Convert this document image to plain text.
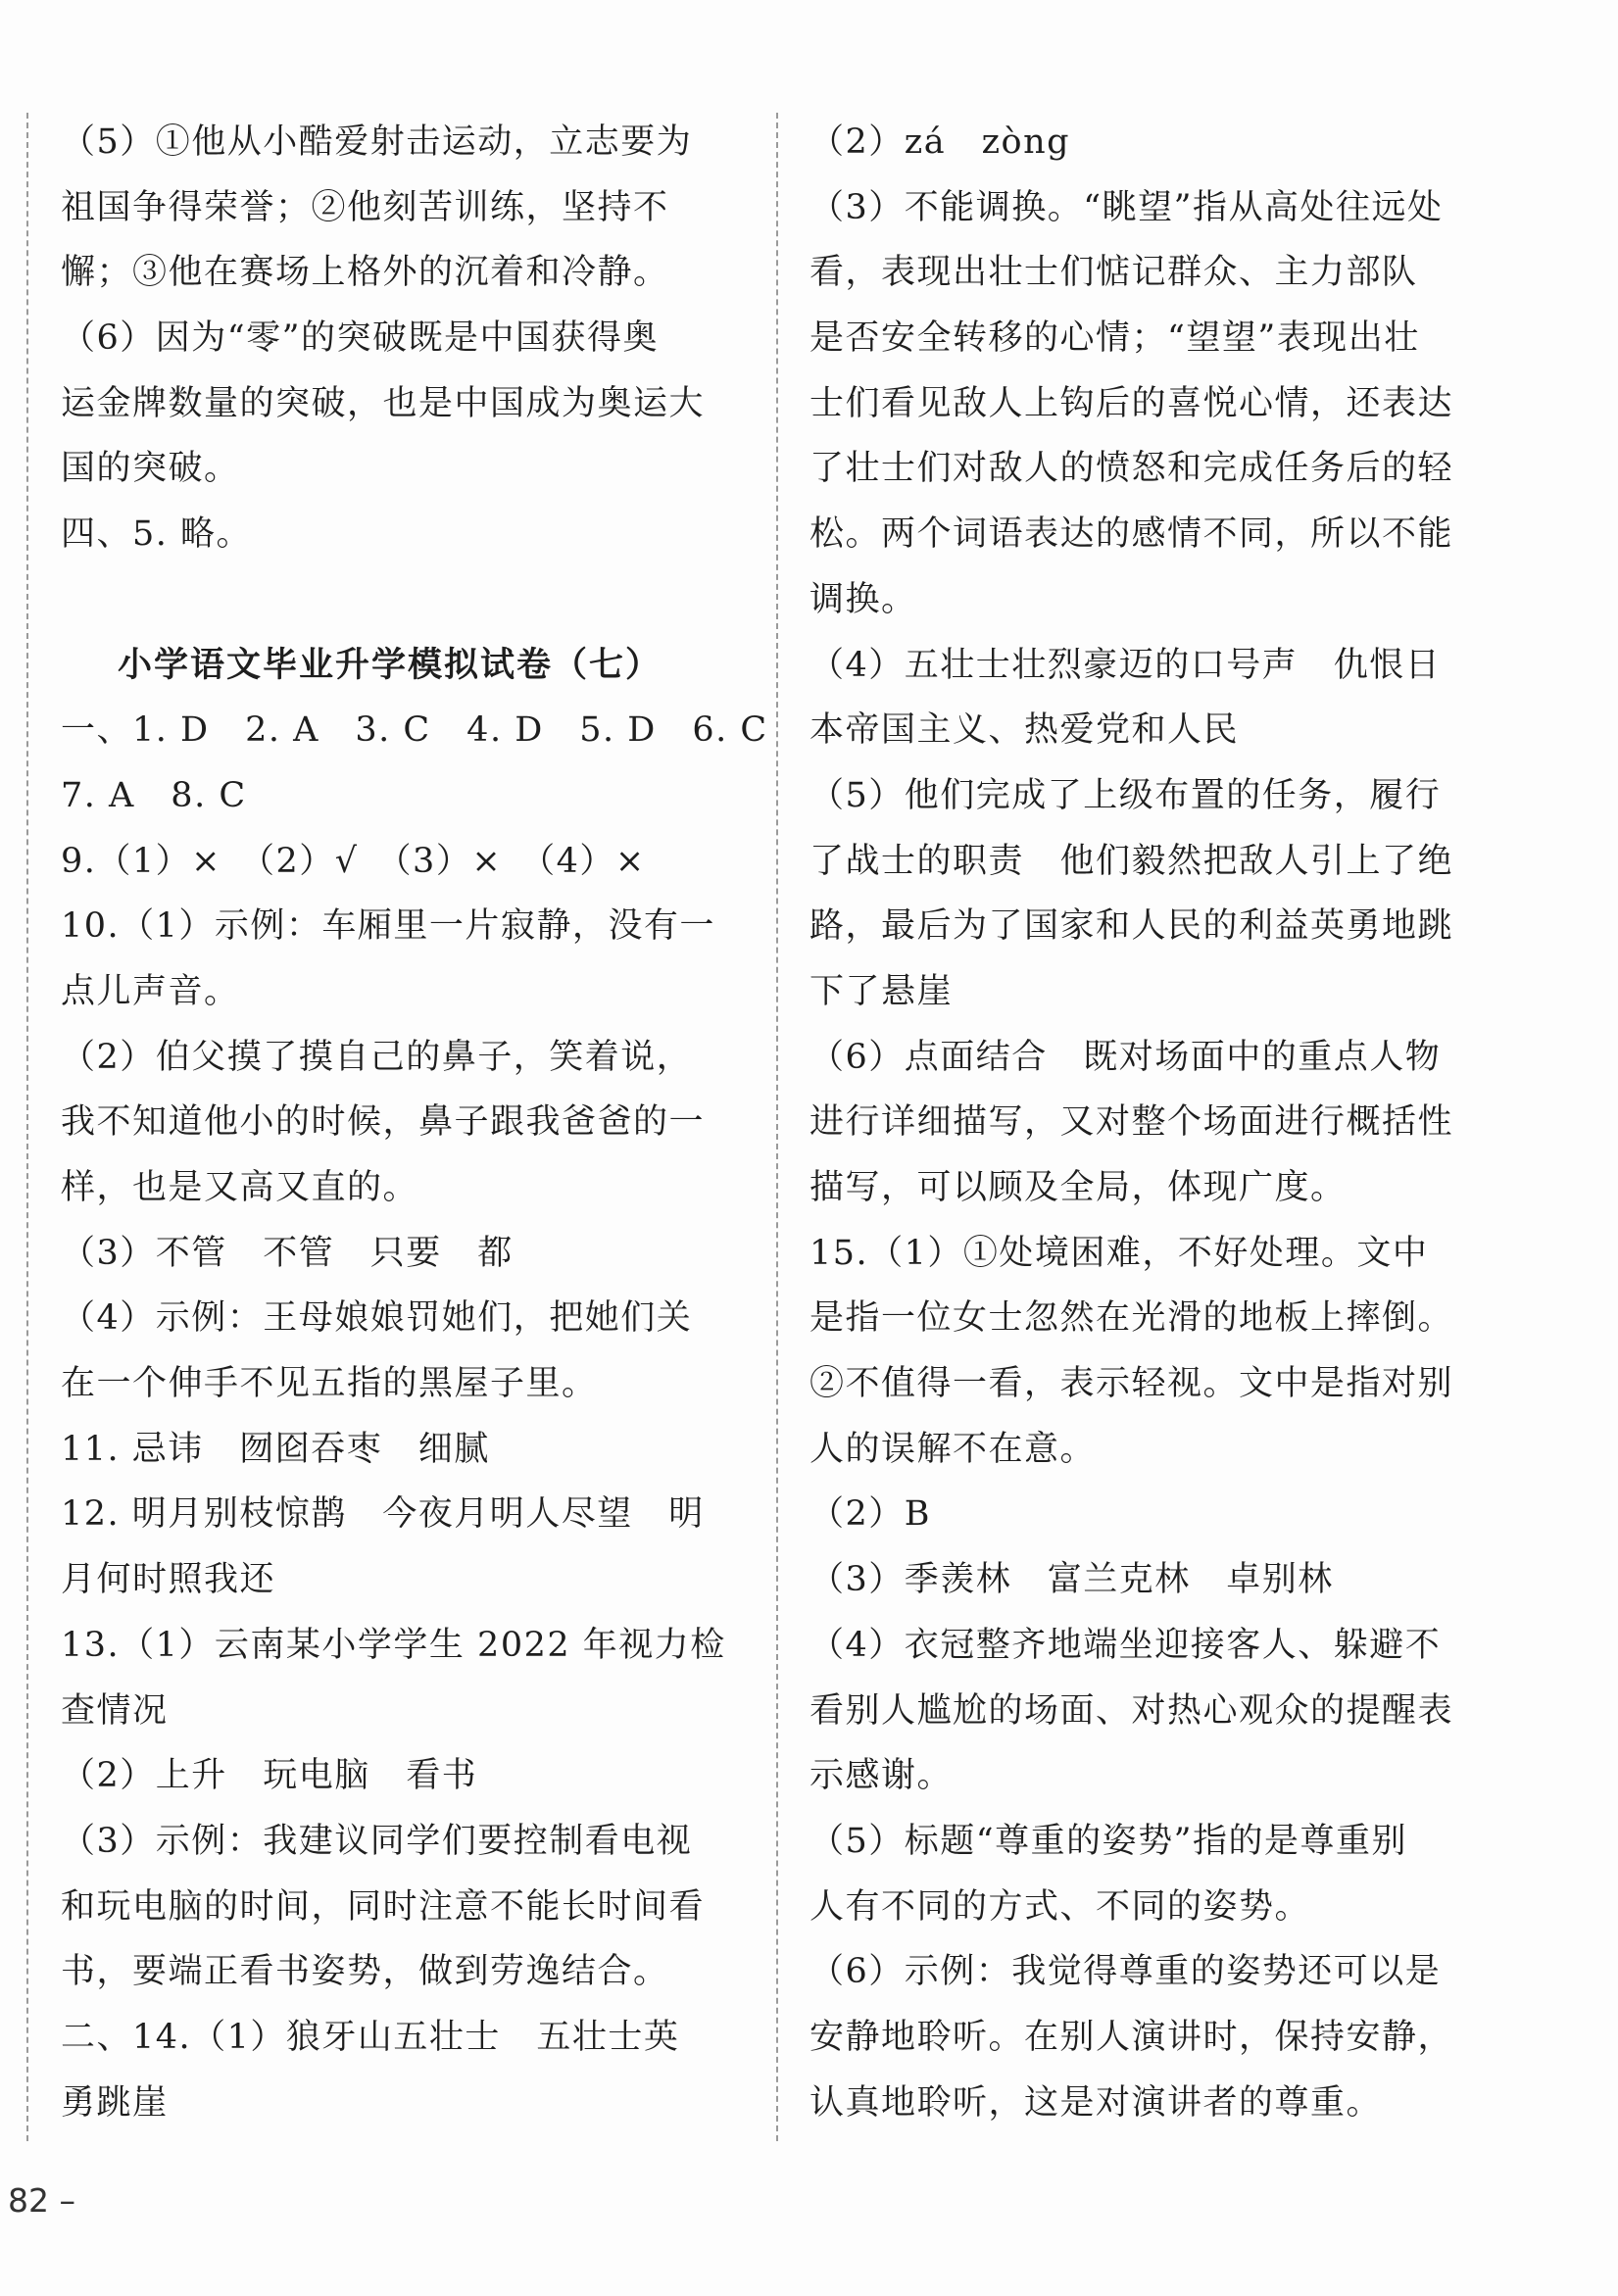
（5）①他从小酷爱射击运动，立志要为
祖国争得荣誉；②他刻苦训练，坚持不
懈；③他在赛场上格外的沉着和冷静。
（6）因为“零”的突破既是中国获得奥
运金牌数量的突破，也是中国成为奥运大
国的突破。
四、5. 略。
小学语文毕业升学模拟试卷（七）
一、1. D　2. A　3. C　4. D　5. D　6. C
7. A　8. C
9.（1）×　（2）√　（3）×　（4）×
10.（1）示例：车厢里一片寂静，没有一
点儿声音。
（2）伯父摸了摸自己的鼻子，笑着说，
我不知道他小的时候，鼻子跟我爸爸的一
样，也是又高又直的。
（3）不管　不管　只要　都
（4）示例：王母娘娘罚她们，把她们关
在一个伸手不见五指的黑屋子里。
11. 忌讳　囫囵吞枣　细腻
12. 明月别枝惊鹊　今夜月明人尽望　明
月何时照我还
13.（1）云南某小学学生 2022 年视力检
查情况
（2）上升　玩电脑　看书
（3）示例：我建议同学们要控制看电视
和玩电脑的时间，同时注意不能长时间看
书，要端正看书姿势，做到劳逸结合。
二、14.（1）狼牙山五壮士　五壮士英
勇跳崖
（2）zá　zòng
（3）不能调换。“眺望”指从高处往远处
看，表现出壮士们惦记群众、主力部队
是否安全转移的心情；“望望”表现出壮
士们看见敌人上钩后的喜悦心情，还表达
了壮士们对敌人的愤怒和完成任务后的轻
松。两个词语表达的感情不同，所以不能
调换。
（4）五壮士壮烈豪迈的口号声　仇恨日
本帝国主义、热爱党和人民
（5）他们完成了上级布置的任务，履行
了战士的职责　他们毅然把敌人引上了绝
路，最后为了国家和人民的利益英勇地跳
下了悬崖
（6）点面结合　既对场面中的重点人物
进行详细描写，又对整个场面进行概括性
描写，可以顾及全局，体现广度。
15.（1）①处境困难，不好处理。文中
是指一位女士忽然在光滑的地板上摔倒。
②不值得一看，表示轻视。文中是指对别
人的误解不在意。
（2）B
（3）季羡林　富兰克林　卓别林
（4）衣冠整齐地端坐迎接客人、躲避不
看别人尴尬的场面、对热心观众的提醒表
示感谢。
（5）标题“尊重的姿势”指的是尊重别
人有不同的方式、不同的姿势。
（6）示例：我觉得尊重的姿势还可以是
安静地聆听。在别人演讲时，保持安静，
认真地聆听，这是对演讲者的尊重。
82 –
